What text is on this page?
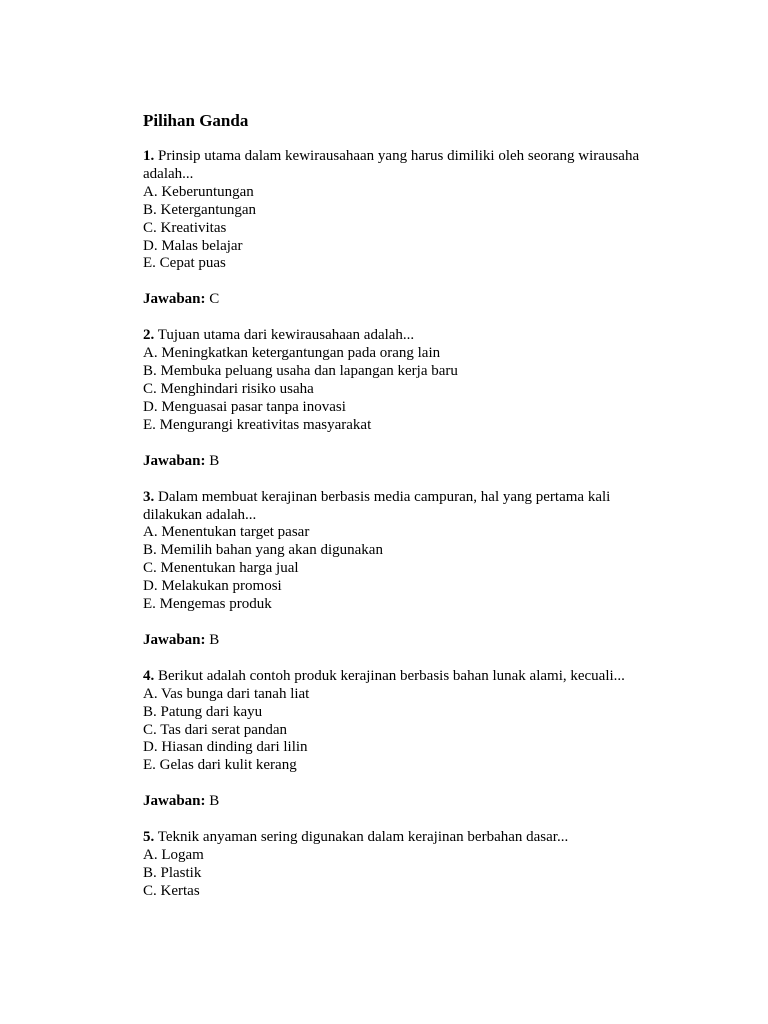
Pilihan Ganda
1. Prinsip utama dalam kewirausahaan yang harus dimiliki oleh seorang wirausaha adalah...
A. Keberuntungan
B. Ketergantungan
C. Kreativitas
D. Malas belajar
E. Cepat puas
Jawaban: C
2. Tujuan utama dari kewirausahaan adalah...
A. Meningkatkan ketergantungan pada orang lain
B. Membuka peluang usaha dan lapangan kerja baru
C. Menghindari risiko usaha
D. Menguasai pasar tanpa inovasi
E. Mengurangi kreativitas masyarakat
Jawaban: B
3. Dalam membuat kerajinan berbasis media campuran, hal yang pertama kali dilakukan adalah...
A. Menentukan target pasar
B. Memilih bahan yang akan digunakan
C. Menentukan harga jual
D. Melakukan promosi
E. Mengemas produk
Jawaban: B
4. Berikut adalah contoh produk kerajinan berbasis bahan lunak alami, kecuali...
A. Vas bunga dari tanah liat
B. Patung dari kayu
C. Tas dari serat pandan
D. Hiasan dinding dari lilin
E. Gelas dari kulit kerang
Jawaban: B
5. Teknik anyaman sering digunakan dalam kerajinan berbahan dasar...
A. Logam
B. Plastik
C. Kertas
